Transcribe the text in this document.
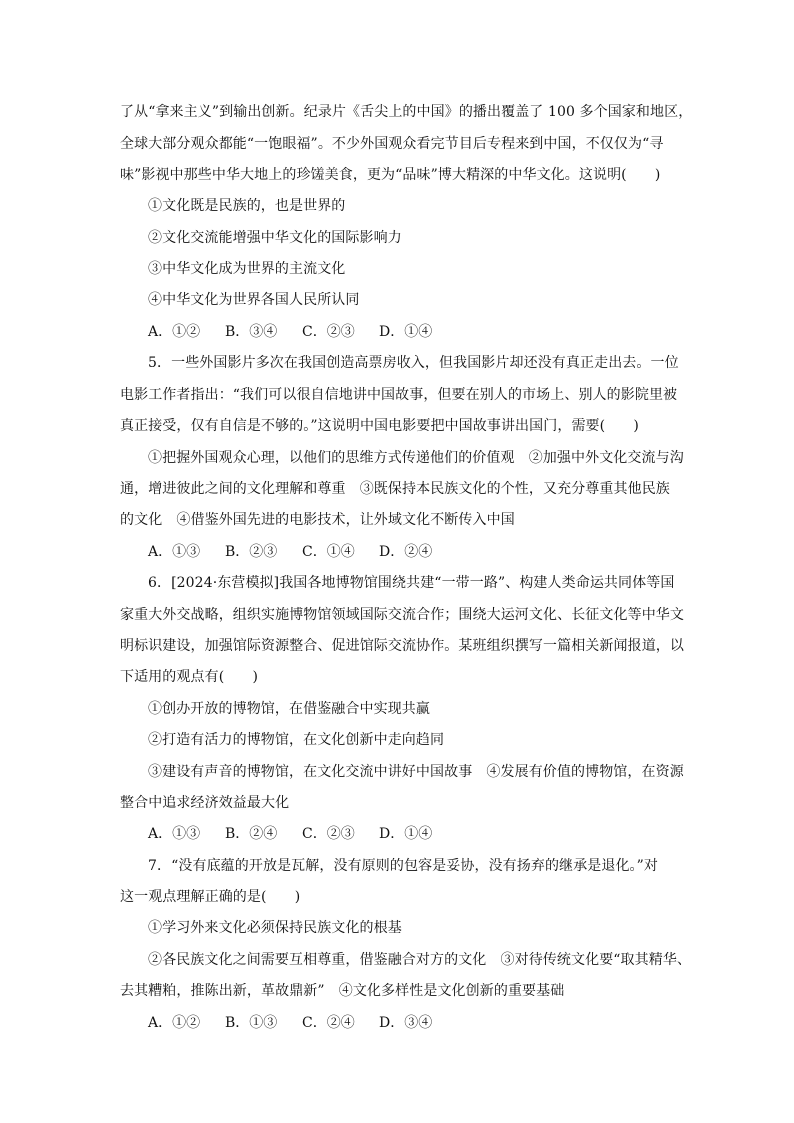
了从“拿来主义”到输出创新。纪录片《舌尖上的中国》的播出覆盖了 100 多个国家和地区，
全球大部分观众都能“一饱眼福”。不少外国观众看完节目后专程来到中国，不仅仅为“寻
味”影视中那些中华大地上的珍馐美食，更为“品味”博大精深的中华文化。这说明(　　)
①文化既是民族的，也是世界的
②文化交流能增强中华文化的国际影响力
③中华文化成为世界的主流文化
④中华文化为世界各国人民所认同
A．①②	B．③④	C．②③	D．①④
5．一些外国影片多次在我国创造高票房收入，但我国影片却还没有真正走出去。一位
电影工作者指出：“我们可以很自信地讲中国故事，但要在别人的市场上、别人的影院里被
真正接受，仅有自信是不够的。”这说明中国电影要把中国故事讲出国门，需要(　　)
①把握外国观众心理，以他们的思维方式传递他们的价值观　②加强中外文化交流与沟
通，增进彼此之间的文化理解和尊重　③既保持本民族文化的个性，又充分尊重其他民族
的文化　④借鉴外国先进的电影技术，让外域文化不断传入中国
A．①③	B．②③	C．①④	D．②④
6．[2024·东营模拟]我国各地博物馆围绕共建“一带一路”、构建人类命运共同体等国
家重大外交战略，组织实施博物馆领域国际交流合作；围绕大运河文化、长征文化等中华文
明标识建设，加强馆际资源整合、促进馆际交流协作。某班组织撰写一篇相关新闻报道，以
下适用的观点有(　　)
①创办开放的博物馆，在借鉴融合中实现共赢
②打造有活力的博物馆，在文化创新中走向趋同
③建设有声音的博物馆，在文化交流中讲好中国故事　④发展有价值的博物馆，在资源
整合中追求经济效益最大化
A．①③	B．②④	C．②③	D．①④
7．“没有底蕴的开放是瓦解，没有原则的包容是妥协，没有扬弃的继承是退化。”对
这一观点理解正确的是(　　)
①学习外来文化必须保持民族文化的根基
②各民族文化之间需要互相尊重，借鉴融合对方的文化　③对待传统文化要“取其精华、
去其糟粕，推陈出新，革故鼎新”　④文化多样性是文化创新的重要基础
A．①②	B．①③	C．②④	D．③④
